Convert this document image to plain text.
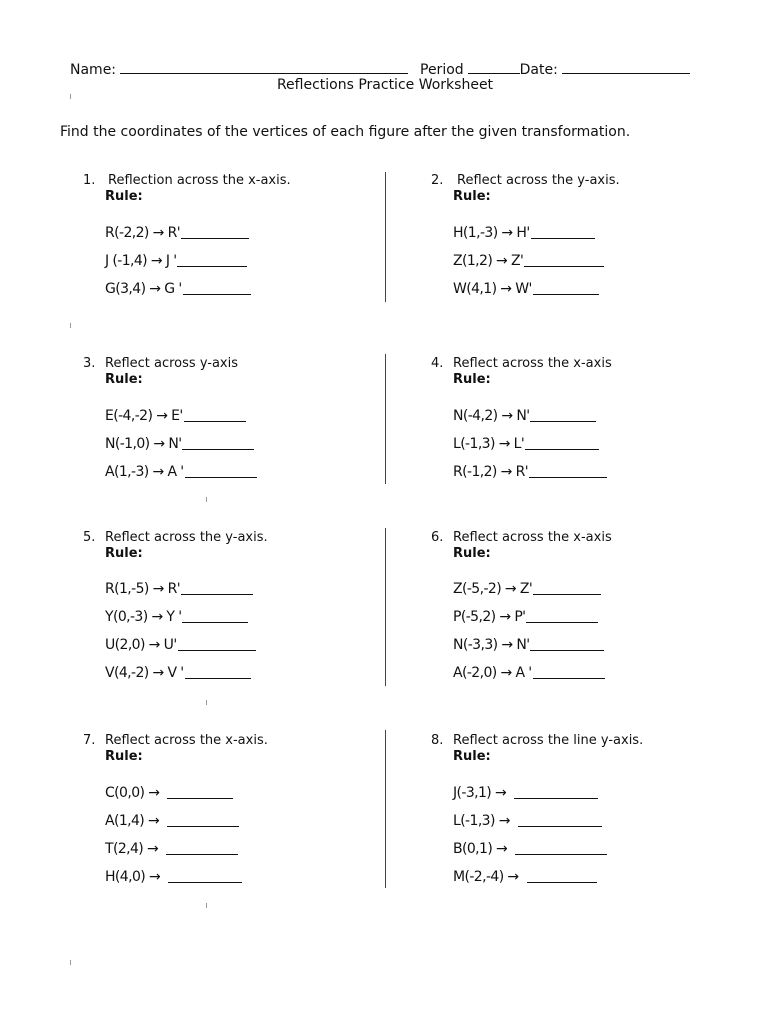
Name:	Period	Date:
Reflections Practice Worksheet
Find the coordinates of the vertices of each figure after the given transformation.
1. Reflection across the x-axis.
Rule:
R(-2,2) → R'
J (-1,4) → J '
G(3,4) → G '
2. Reflect across the y-axis.
Rule:
H(1,-3) → H'
Z(1,2) → Z'
W(4,1) → W'
3. Reflect across y-axis
Rule:
E(-4,-2) → E'
N(-1,0) → N'
A(1,-3) → A '
4. Reflect across the x-axis
Rule:
N(-4,2) → N'
L(-1,3) → L'
R(-1,2) → R'
5. Reflect across the y-axis.
Rule:
R(1,-5) → R'
Y(0,-3) → Y '
U(2,0) → U'
V(4,-2) → V '
6. Reflect across the x-axis
Rule:
Z(-5,-2) → Z'
P(-5,2) → P'
N(-3,3) → N'
A(-2,0) → A '
7. Reflect across the x-axis.
Rule:
C(0,0) →
A(1,4) →
T(2,4) →
H(4,0) →
8. Reflect across the line y-axis.
Rule:
J(-3,1) →
L(-1,3) →
B(0,1) →
M(-2,-4) →
